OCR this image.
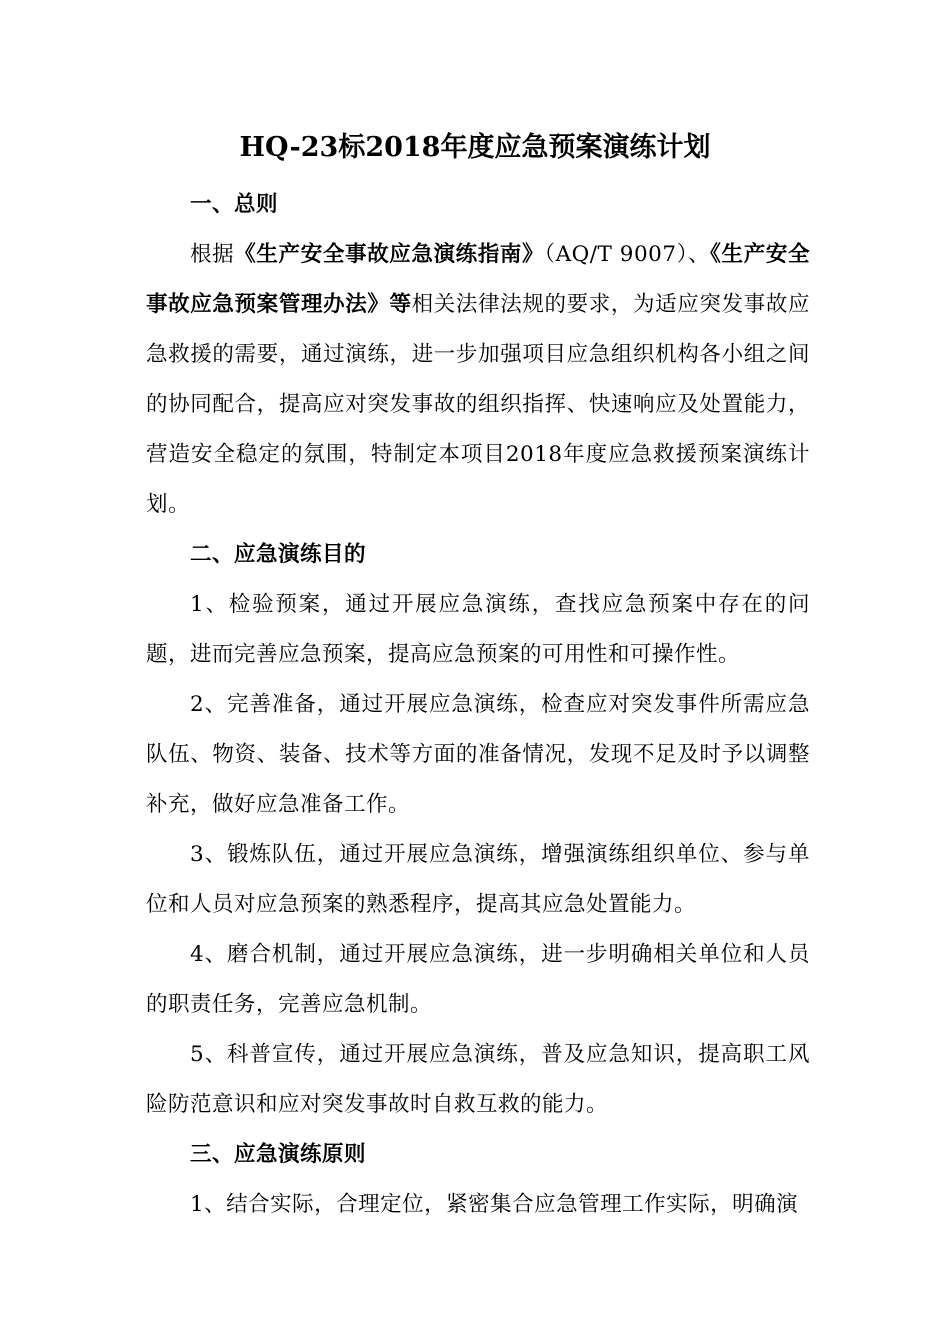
HQ-23标2018年度应急预案演练计划

一、总则

根据《生产安全事故应急演练指南》（AQ/T 9007）、《生产安全事故应急预案管理办法》等相关法律法规的要求，为适应突发事故应急救援的需要，通过演练，进一步加强项目应急组织机构各小组之间的协同配合，提高应对突发事故的组织指挥、快速响应及处置能力，营造安全稳定的氛围，特制定本项目2018年度应急救援预案演练计划。

二、应急演练目的

1、检验预案，通过开展应急演练，查找应急预案中存在的问题，进而完善应急预案，提高应急预案的可用性和可操作性。

2、完善准备，通过开展应急演练，检查应对突发事件所需应急队伍、物资、装备、技术等方面的准备情况，发现不足及时予以调整补充，做好应急准备工作。

3、锻炼队伍，通过开展应急演练，增强演练组织单位、参与单位和人员对应急预案的熟悉程序，提高其应急处置能力。

4、磨合机制，通过开展应急演练，进一步明确相关单位和人员的职责任务，完善应急机制。

5、科普宣传，通过开展应急演练，普及应急知识，提高职工风险防范意识和应对突发事故时自救互救的能力。

三、应急演练原则

1、结合实际，合理定位，紧密集合应急管理工作实际，明确演
